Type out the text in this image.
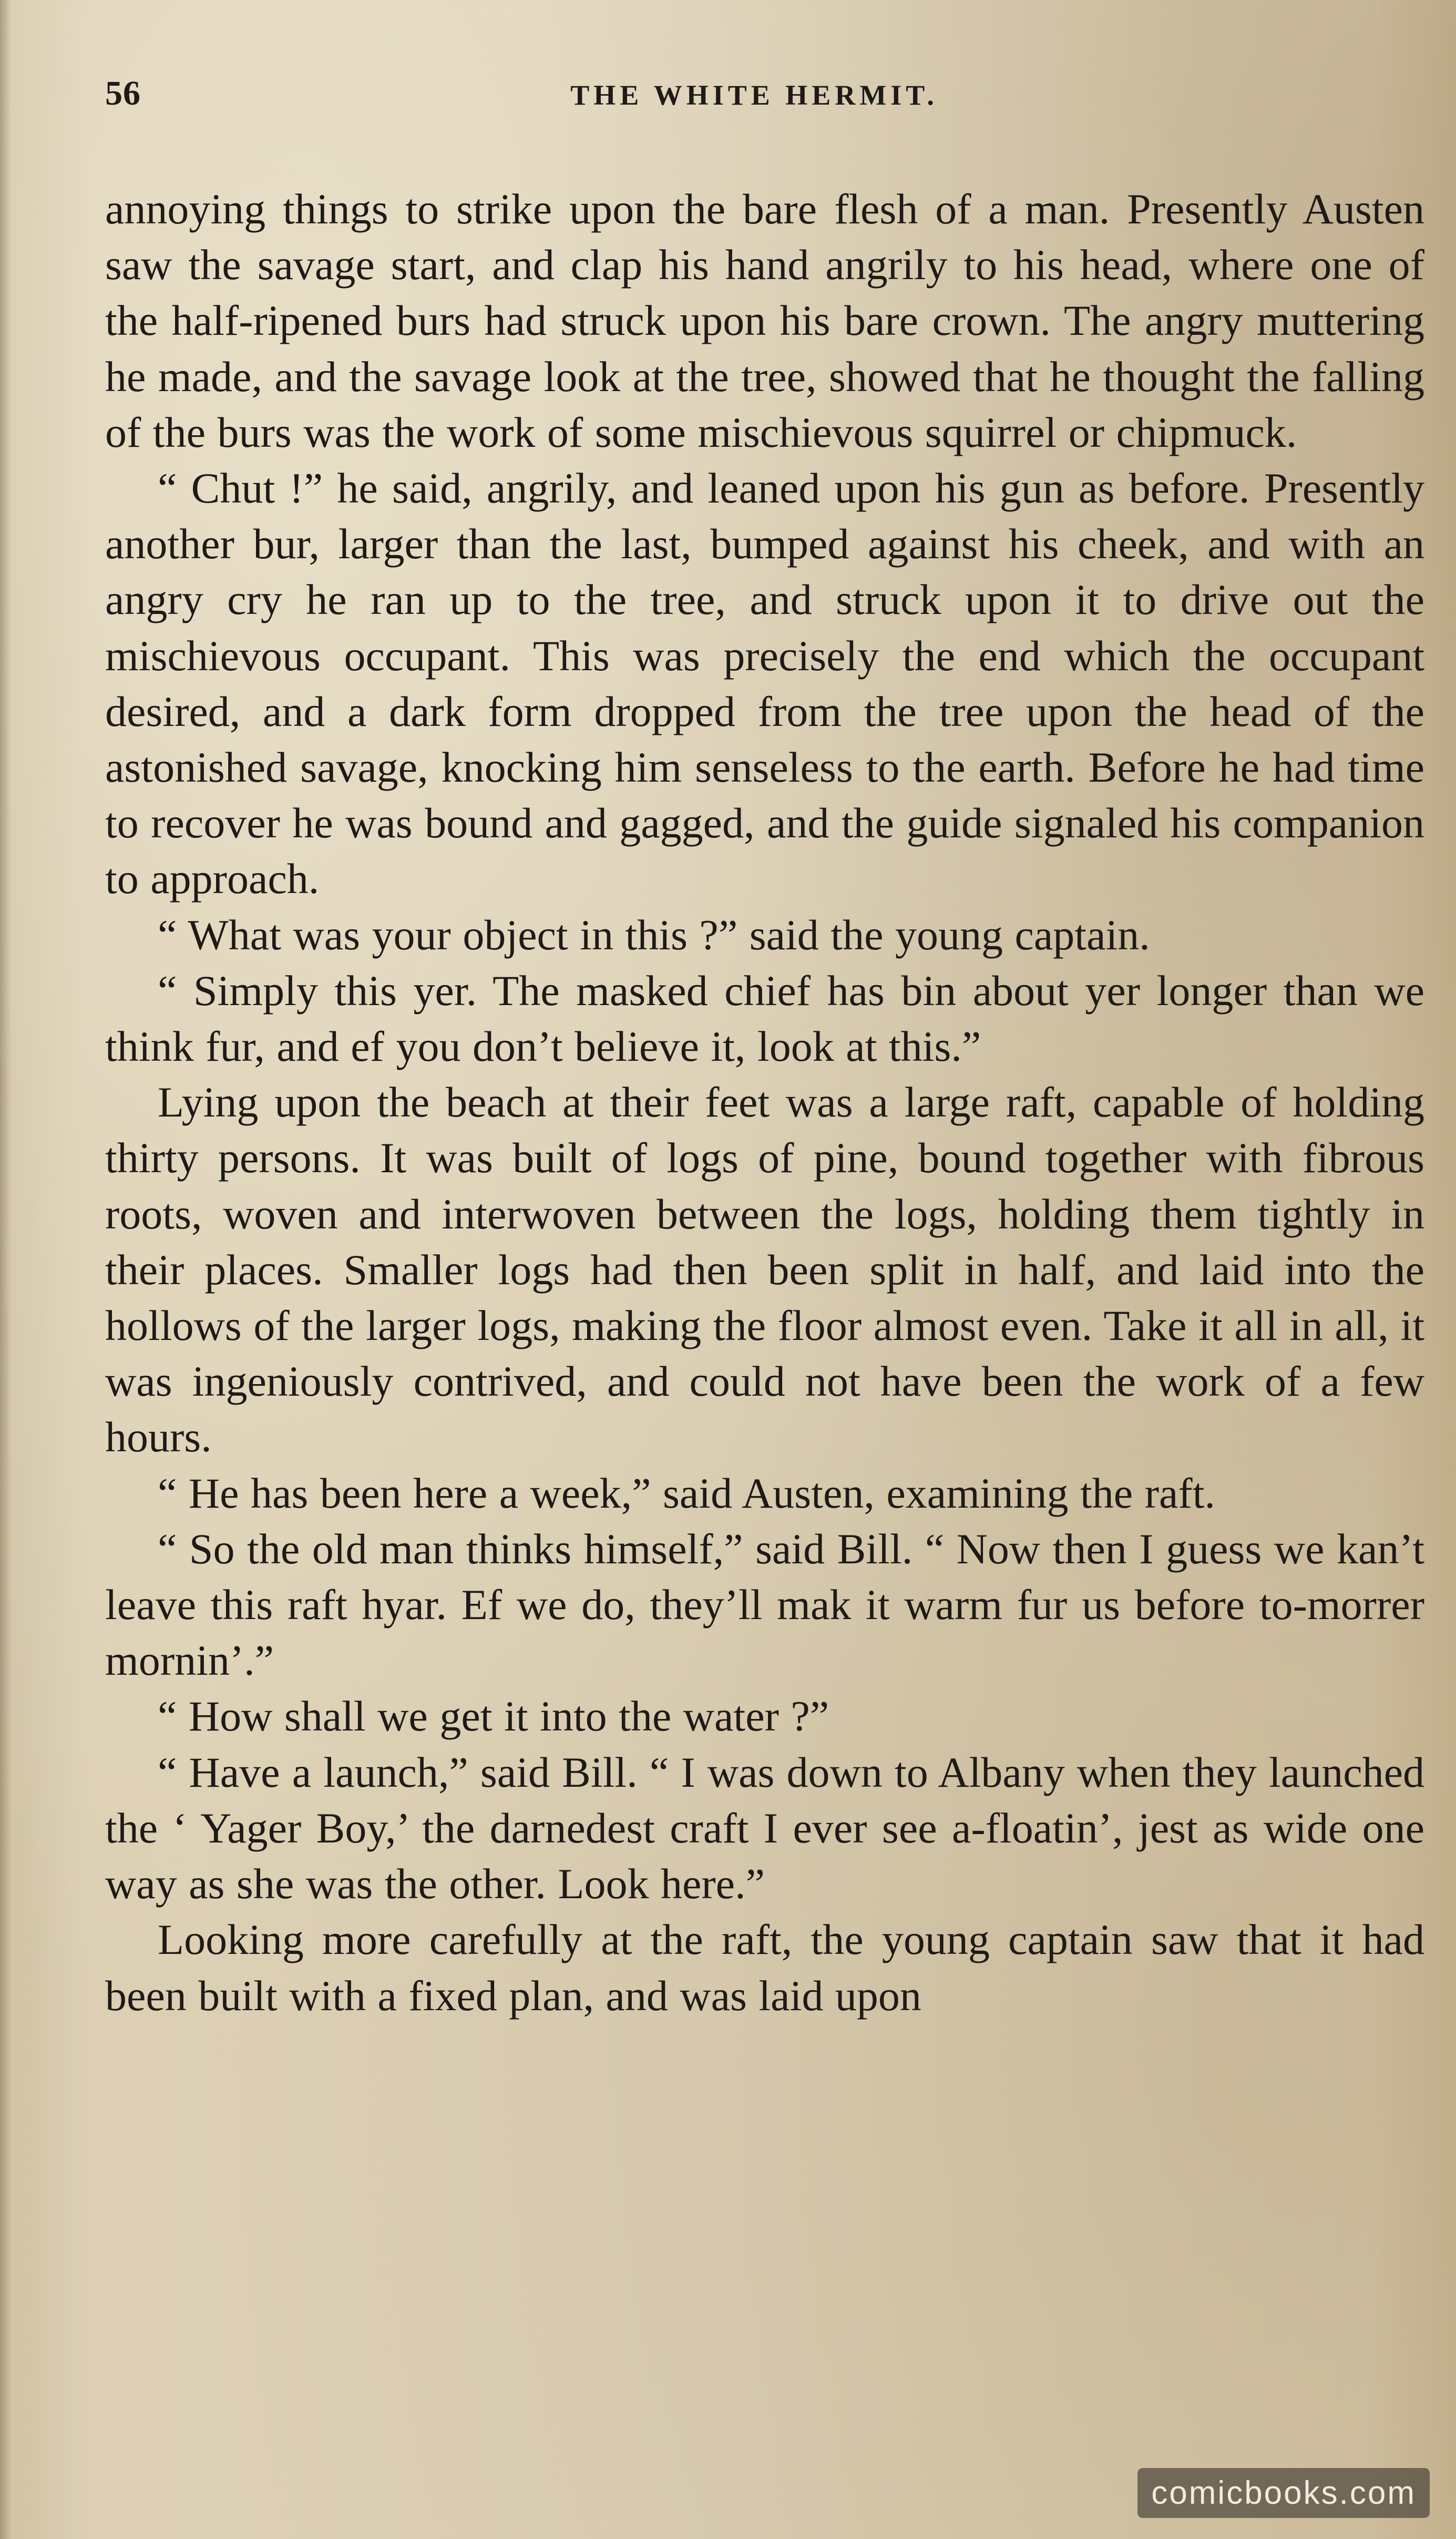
56	THE WHITE HERMIT.

annoying things to strike upon the bare flesh of a man. Presently Austen saw the savage start, and clap his hand angrily to his head, where one of the half-ripened burs had struck upon his bare crown. The angry muttering he made, and the savage look at the tree, showed that he thought the falling of the burs was the work of some mischievous squirrel or chipmuck.

“ Chut !” he said, angrily, and leaned upon his gun as before. Presently another bur, larger than the last, bumped against his cheek, and with an angry cry he ran up to the tree, and struck upon it to drive out the mischievous occupant. This was precisely the end which the occupant desired, and a dark form dropped from the tree upon the head of the astonished savage, knocking him senseless to the earth. Before he had time to recover he was bound and gagged, and the guide signaled his companion to approach.

“ What was your object in this ?” said the young captain.

“ Simply this yer. The masked chief has bin about yer longer than we think fur, and ef you don’t believe it, look at this.”

Lying upon the beach at their feet was a large raft, capable of holding thirty persons. It was built of logs of pine, bound together with fibrous roots, woven and interwoven between the logs, holding them tightly in their places. Smaller logs had then been split in half, and laid into the hollows of the larger logs, making the floor almost even. Take it all in all, it was ingeniously contrived, and could not have been the work of a few hours.

“ He has been here a week,” said Austen, examining the raft.

“ So the old man thinks himself,” said Bill. “ Now then I guess we kan’t leave this raft hyar. Ef we do, they’ll mak it warm fur us before to-morrer mornin’.”

“ How shall we get it into the water ?”

“ Have a launch,” said Bill. “ I was down to Albany when they launched the ‘ Yager Boy,’ the darnedest craft I ever see a-floatin’, jest as wide one way as she was the other. Look here.”

Looking more carefully at the raft, the young captain saw that it had been built with a fixed plan, and was laid upon

comicbooks.com
